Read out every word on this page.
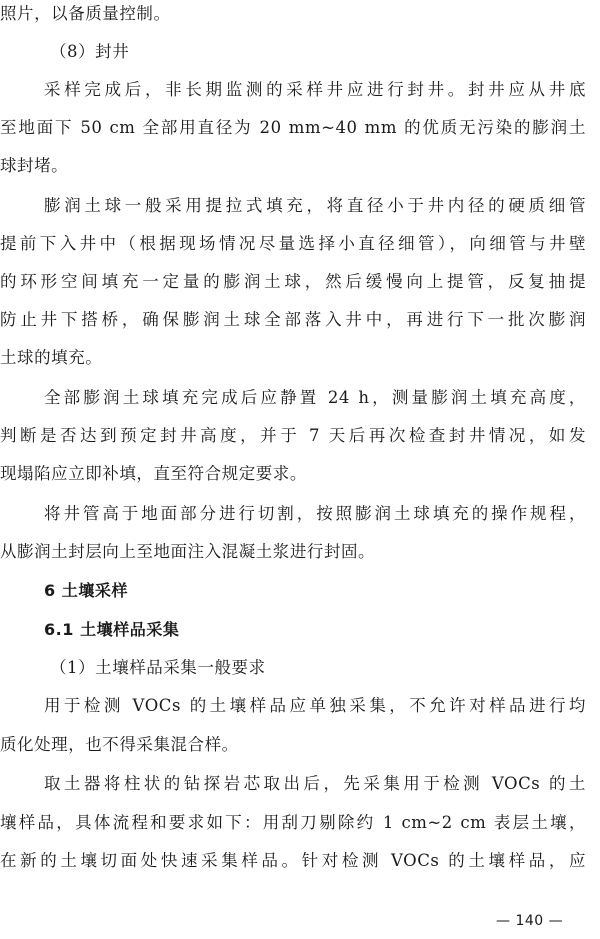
照片，以备质量控制。
（8）封井
采样完成后，非长期监测的采样井应进行封井。封井应从井底
至地面下 50 cm 全部用直径为 20 mm~40 mm 的优质无污染的膨润土
球封堵。
膨润土球一般采用提拉式填充，将直径小于井内径的硬质细管
提前下入井中（根据现场情况尽量选择小直径细管），向细管与井壁
的环形空间填充一定量的膨润土球，然后缓慢向上提管，反复抽提
防止井下搭桥，确保膨润土球全部落入井中，再进行下一批次膨润
土球的填充。
全部膨润土球填充完成后应静置 24 h，测量膨润土填充高度，
判断是否达到预定封井高度，并于 7 天后再次检查封井情况，如发
现塌陷应立即补填，直至符合规定要求。
将井管高于地面部分进行切割，按照膨润土球填充的操作规程，
从膨润土封层向上至地面注入混凝土浆进行封固。
6 土壤采样
6.1 土壤样品采集
（1）土壤样品采集一般要求
用于检测 VOCs 的土壤样品应单独采集，不允许对样品进行均
质化处理，也不得采集混合样。
取土器将柱状的钻探岩芯取出后，先采集用于检测 VOCs 的土
壤样品，具体流程和要求如下：用刮刀剔除约 1 cm~2 cm 表层土壤，
在新的土壤切面处快速采集样品。针对检测 VOCs 的土壤样品，应
— 140 —
